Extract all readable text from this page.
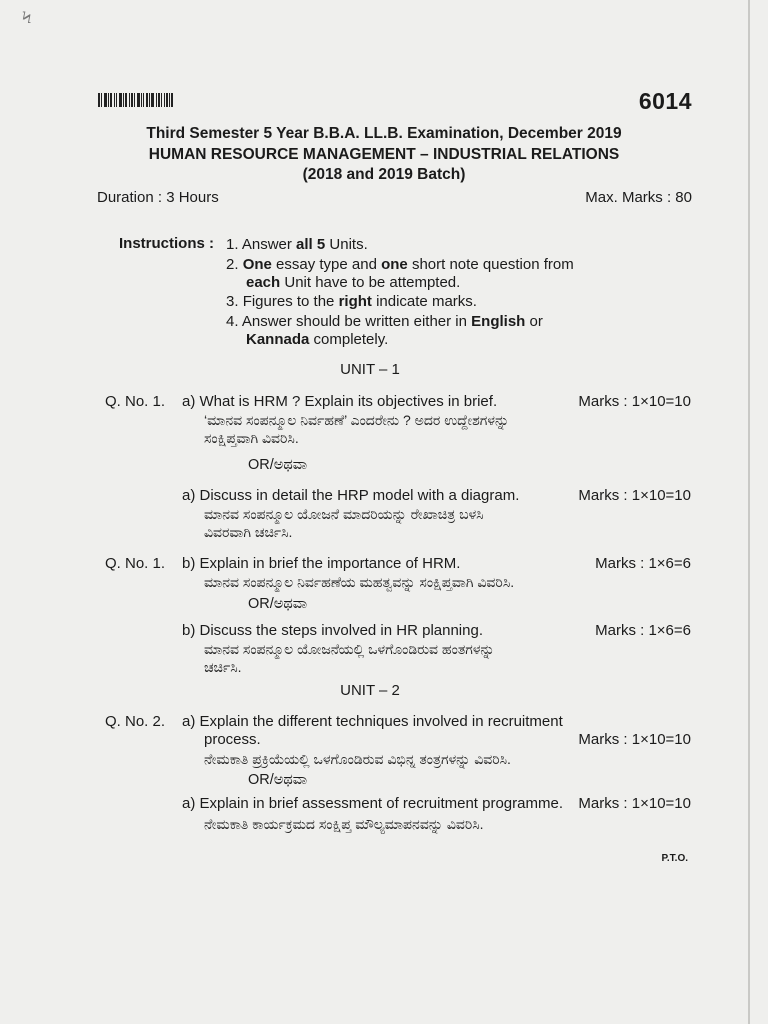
Ϟ
6014
Third Semester 5 Year B.B.A. LL.B. Examination, December 2019
HUMAN RESOURCE MANAGEMENT – INDUSTRIAL RELATIONS
(2018 and 2019 Batch)
Duration : 3 Hours	Max. Marks : 80
Instructions : 1. Answer all 5 Units.
2. One essay type and one short note question from
each Unit have to be attempted.
3. Figures to the right indicate marks.
4. Answer should be written either in English or
Kannada completely.
UNIT – 1
Q. No. 1. a) What is HRM ? Explain its objectives in brief.	Marks : 1×10=10
‘ಮಾನವ ಸಂಪನ್ಮೂಲ ನಿರ್ವಹಣೆ’ ಎಂದರೇನು ? ಅದರ ಉದ್ದೇಶಗಳನ್ನು
ಸಂಕ್ಷಿಪ್ತವಾಗಿ ವಿವರಿಸಿ.
OR/ಅಥವಾ
a) Discuss in detail the HRP model with a diagram.	Marks : 1×10=10
ಮಾನವ ಸಂಪನ್ಮೂಲ ಯೋಜನೆ ಮಾದರಿಯನ್ನು ರೇಖಾಚಿತ್ರ ಬಳಸಿ
ವಿವರವಾಗಿ ಚರ್ಚಿಸಿ.
Q. No. 1. b) Explain in brief the importance of HRM.	Marks : 1×6=6
ಮಾನವ ಸಂಪನ್ಮೂಲ ನಿರ್ವಹಣೆಯ ಮಹತ್ವವನ್ನು ಸಂಕ್ಷಿಪ್ತವಾಗಿ ವಿವರಿಸಿ.
OR/ಅಥವಾ
b) Discuss the steps involved in HR planning.	Marks : 1×6=6
ಮಾನವ ಸಂಪನ್ಮೂಲ ಯೋಜನೆಯಲ್ಲಿ ಒಳಗೊಂಡಿರುವ ಹಂತಗಳನ್ನು
ಚರ್ಚಿಸಿ.
UNIT – 2
Q. No. 2. a) Explain the different techniques involved in recruitment
process.	Marks : 1×10=10
ನೇಮಕಾತಿ ಪ್ರಕ್ರಿಯೆಯಲ್ಲಿ ಒಳಗೊಂಡಿರುವ ವಿಭಿನ್ನ ತಂತ್ರಗಳನ್ನು ವಿವರಿಸಿ.
OR/ಅಥವಾ
a) Explain in brief assessment of recruitment programme. Marks : 1×10=10
ನೇಮಕಾತಿ ಕಾರ್ಯಕ್ರಮದ ಸಂಕ್ಷಿಪ್ತ ಮೌಲ್ಯಮಾಪನವನ್ನು ವಿವರಿಸಿ.
P.T.O.
